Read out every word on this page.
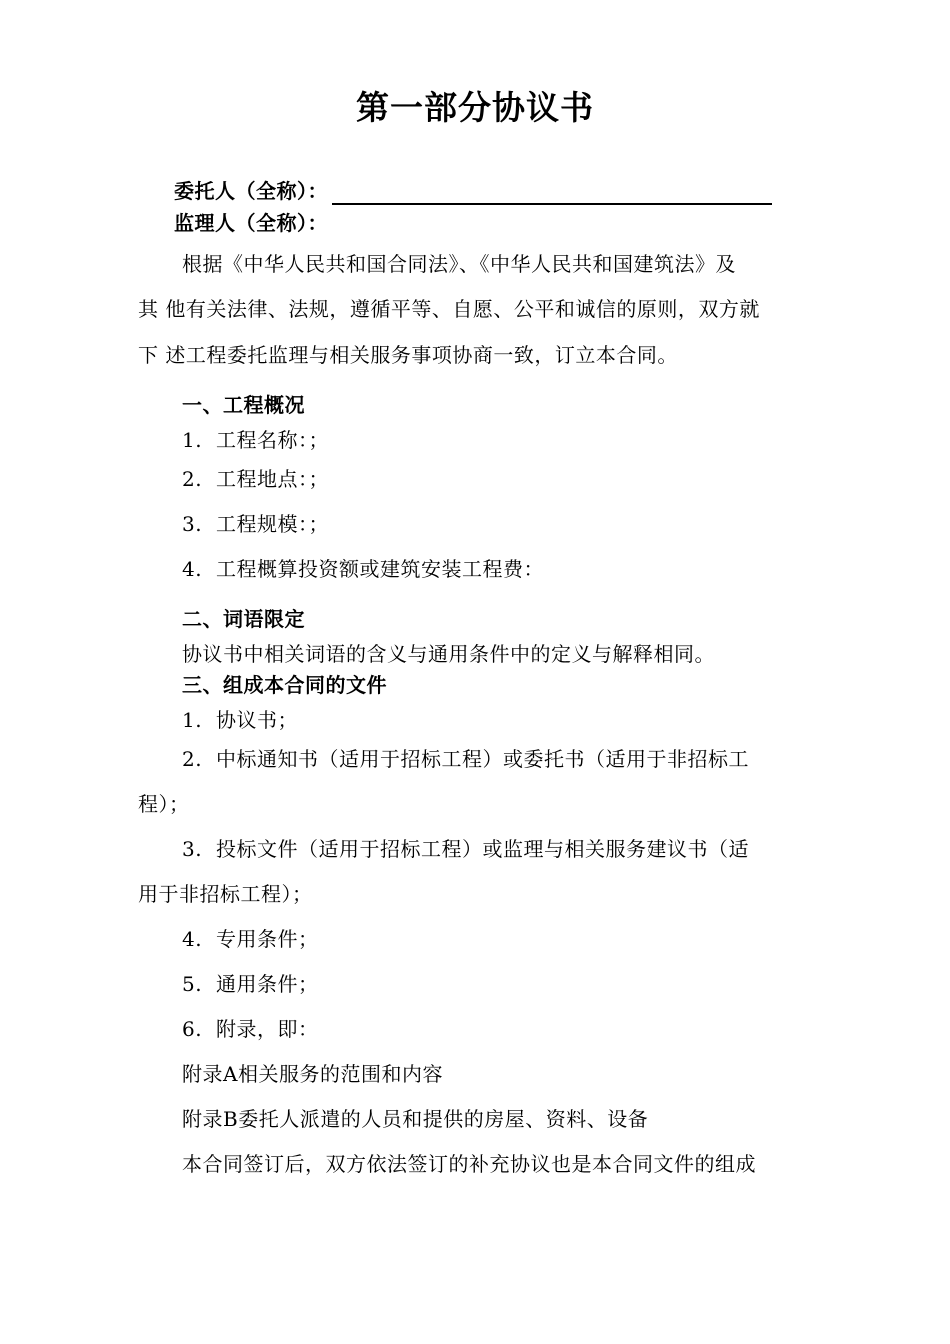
第一部分协议书
委托人（全称）：
监理人（全称）：
根据《中华人民共和国合同法》、《中华人民共和国建筑法》及
其 他有关法律、法规，遵循平等、自愿、公平和诚信的原则，双方就
下 述工程委托监理与相关服务事项协商一致，订立本合同。
一、工程概况
1. 工程名称：；
2. 工程地点：；
3. 工程规模：；
4. 工程概算投资额或建筑安装工程费：
二、词语限定
协议书中相关词语的含义与通用条件中的定义与解释相同。
三、组成本合同的文件
1. 协议书；
2. 中标通知书（适用于招标工程）或委托书（适用于非招标工
程）；
3. 投标文件（适用于招标工程）或监理与相关服务建议书（适
用于非招标工程）；
4. 专用条件；
5. 通用条件；
6. 附录，即：
附录A相关服务的范围和内容
附录B委托人派遣的人员和提供的房屋、资料、设备
本合同签订后，双方依法签订的补充协议也是本合同文件的组成
